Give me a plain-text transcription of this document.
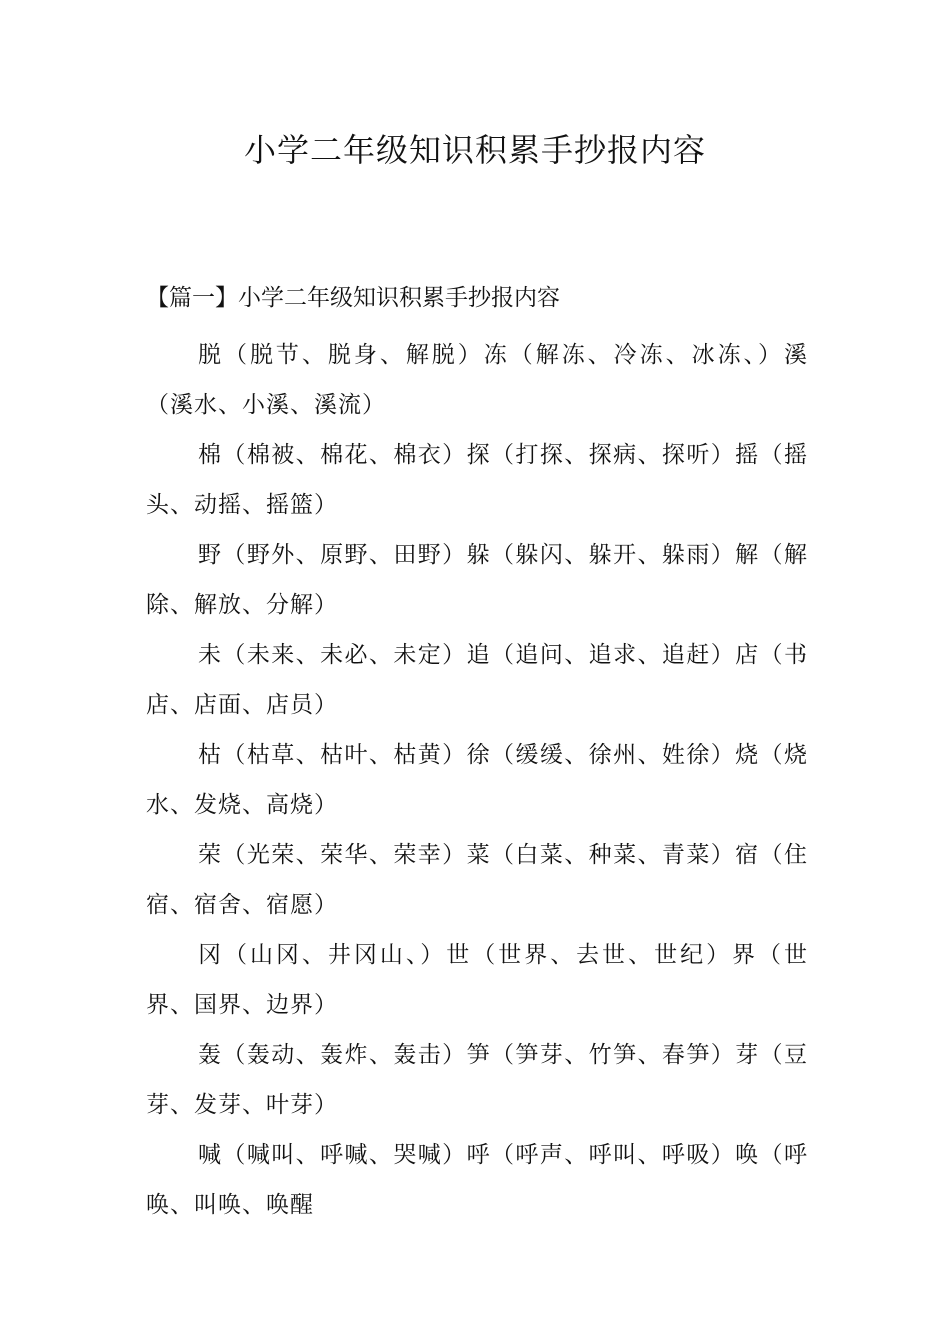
小学二年级知识积累手抄报内容
【篇一】小学二年级知识积累手抄报内容

脱（脱节、脱身、解脱）冻（解冻、冷冻、冰冻、）溪（溪水、小溪、溪流）

棉（棉被、棉花、棉衣）探（打探、探病、探听）摇（摇头、动摇、摇篮）

野（野外、原野、田野）躲（躲闪、躲开、躲雨）解（解除、解放、分解）

未（未来、未必、未定）追（追问、追求、追赶）店（书店、店面、店员）

枯（枯草、枯叶、枯黄）徐（缓缓、徐州、姓徐）烧（烧水、发烧、高烧）

荣（光荣、荣华、荣幸）菜（白菜、种菜、青菜）宿（住宿、宿舍、宿愿）

冈（山冈、井冈山、）世（世界、去世、世纪）界（世界、国界、边界）

轰（轰动、轰炸、轰击）笋（笋芽、竹笋、春笋）芽（豆芽、发芽、叶芽）

喊（喊叫、呼喊、哭喊）呼（呼声、呼叫、呼吸）唤（呼唤、叫唤、唤醒
